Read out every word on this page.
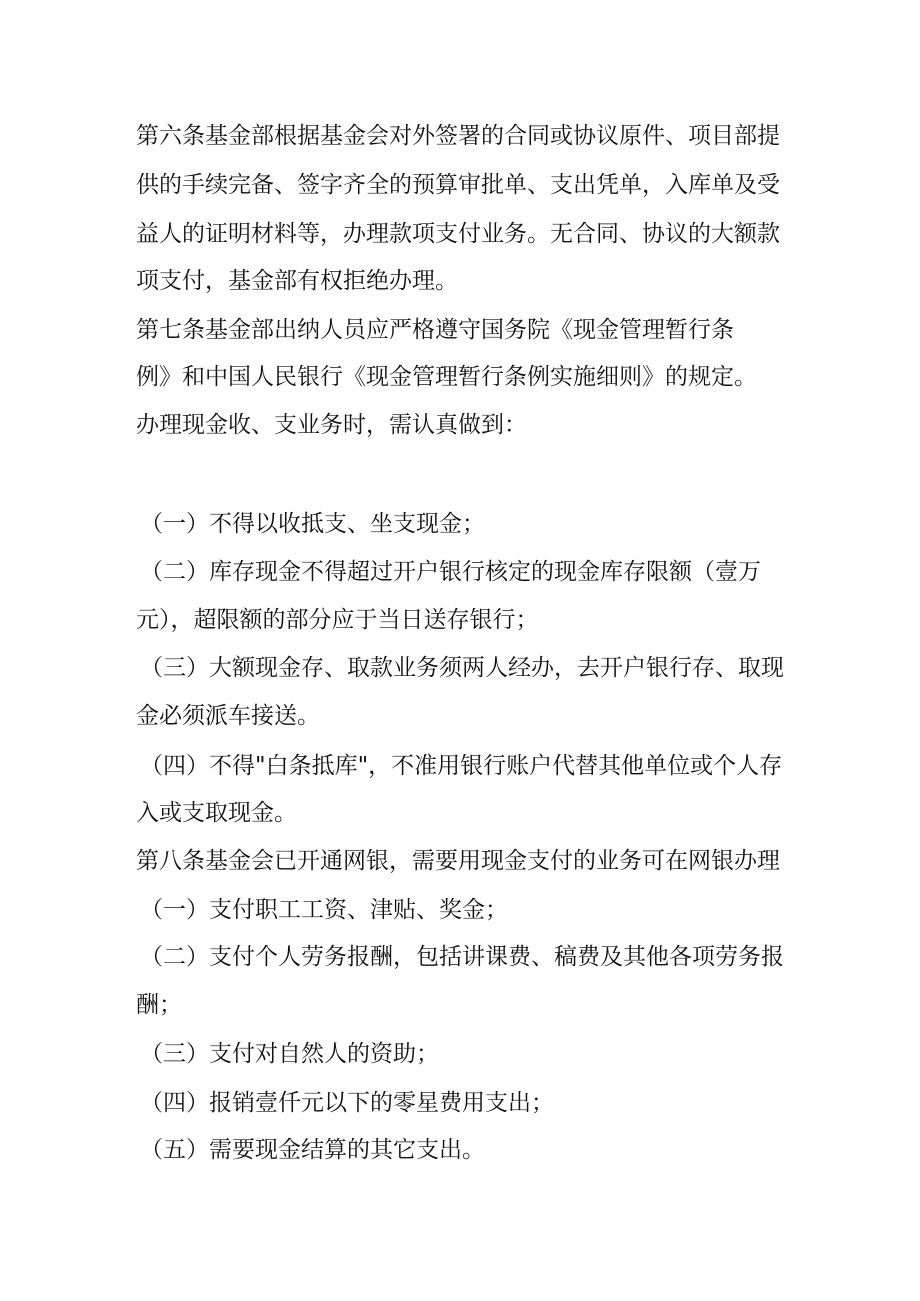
第六条基金部根据基金会对外签署的合同或协议原件、项目部提
供的手续完备、签字齐全的预算审批单、支出凭单，入库单及受
益人的证明材料等，办理款项支付业务。无合同、协议的大额款
项支付，基金部有权拒绝办理。
第七条基金部出纳人员应严格遵守国务院《现金管理暂行条
例》和中国人民银行《现金管理暂行条例实施细则》的规定。
办理现金收、支业务时，需认真做到：
（一）不得以收抵支、坐支现金；
（二）库存现金不得超过开户银行核定的现金库存限额（壹万
元），超限额的部分应于当日送存银行；
（三）大额现金存、取款业务须两人经办，去开户银行存、取现
金必须派车接送。
（四）不得"白条抵库"，不准用银行账户代替其他单位或个人存
入或支取现金。
第八条基金会已开通网银，需要用现金支付的业务可在网银办理
（一）支付职工工资、津贴、奖金；
（二）支付个人劳务报酬，包括讲课费、稿费及其他各项劳务报
酬；
（三）支付对自然人的资助；
（四）报销壹仟元以下的零星费用支出；
（五）需要现金结算的其它支出。
